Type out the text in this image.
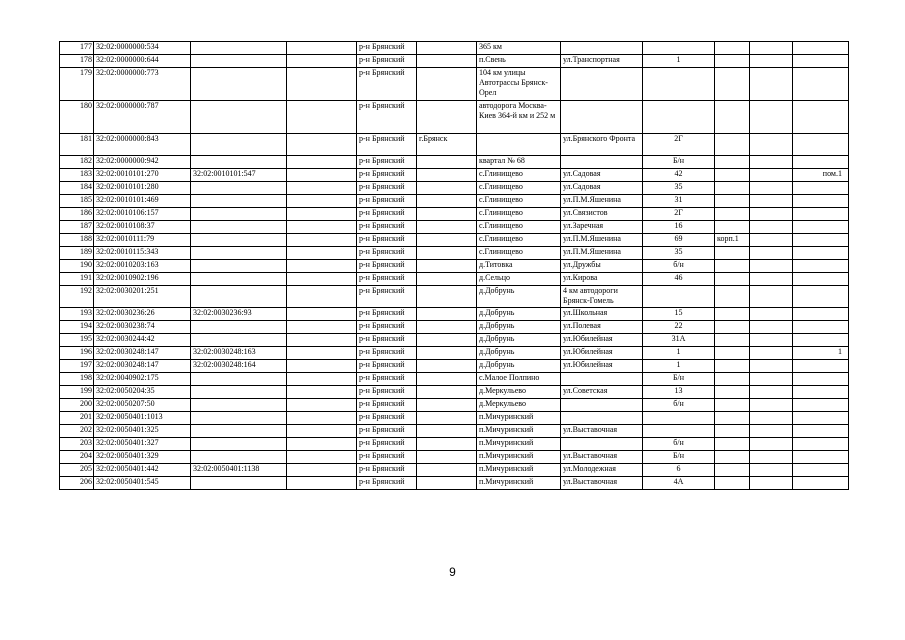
177	32:02:0000000:534			р-н Брянский		365 км					
178	32:02:0000000:644			р-н Брянский		п.Свень	ул.Транспортная	1			
179	32:02:0000000:773			р-н Брянский		104 км улицы Автотрассы Брянск-Орел					
180	32:02:0000000:787			р-н Брянский		автодорога Москва-Киев 364-й км и 252 м					
181	32:02:0000000:843			р-н Брянский	г.Брянск		ул.Брянского Фронта	2Г			
182	32:02:0000000:942			р-н Брянский		квартал № 68		Б/н			
183	32:02:0010101:270	32:02:0010101:547		р-н Брянский		с.Глинищево	ул.Садовая	42			пом.1
184	32:02:0010101:280			р-н Брянский		с.Глинищево	ул.Садовая	35			
185	32:02:0010101:469			р-н Брянский		с.Глинищево	ул.П.М.Яшенина	31			
186	32:02:0010106:157			р-н Брянский		с.Глинищево	ул.Связистов	2Г			
187	32:02:0010108:37			р-н Брянский		с.Глинищево	ул.Заречная	16			
188	32:02:0010111:79			р-н Брянский		с.Глинищево	ул.П.М.Яшенина	69	корп.1		
189	32:02:0010115:343			р-н Брянский		с.Глинищево	ул.П.М.Яшенина	35			
190	32:02:0010203:163			р-н Брянский		д.Титовка	ул.Дружбы	б/н			
191	32:02:0010902:196			р-н Брянский		д.Сельцо	ул.Кирова	46			
192	32:02:0030201:251			р-н Брянский		д.Добрунь	4 км автодороги Брянск-Гомель				
193	32:02:0030236:26	32:02:0030236:93		р-н Брянский		д.Добрунь	ул.Школьная	15			
194	32:02:0030238:74			р-н Брянский		д.Добрунь	ул.Полевая	22			
195	32:02:0030244:42			р-н Брянский		д.Добрунь	ул.Юбилейная	31А			
196	32:02:0030248:147	32:02:0030248:163		р-н Брянский		д.Добрунь	ул.Юбилейная	1			1
197	32:02:0030248:147	32:02:0030248:164		р-н Брянский		д.Добрунь	ул.Юбилейная	1			
198	32:02:0040902:175			р-н Брянский		с.Малое Полпино		Б/н			
199	32:02:0050204:35			р-н Брянский		д.Меркульево	ул.Советская	13			
200	32:02:0050207:50			р-н Брянский		д.Меркульево		б/н			
201	32:02:0050401:1013			р-н Брянский		п.Мичуринский					
202	32:02:0050401:325			р-н Брянский		п.Мичуринский	ул.Выставочная				
203	32:02:0050401:327			р-н Брянский		п.Мичуринский		б/н			
204	32:02:0050401:329			р-н Брянский		п.Мичуринский	ул.Выставочная	Б/н			
205	32:02:0050401:442	32:02:0050401:1138		р-н Брянский		п.Мичуринский	ул.Молодежная	6			
206	32:02:0050401:545			р-н Брянский		п.Мичуринский	ул.Выставочная	4А			
9
